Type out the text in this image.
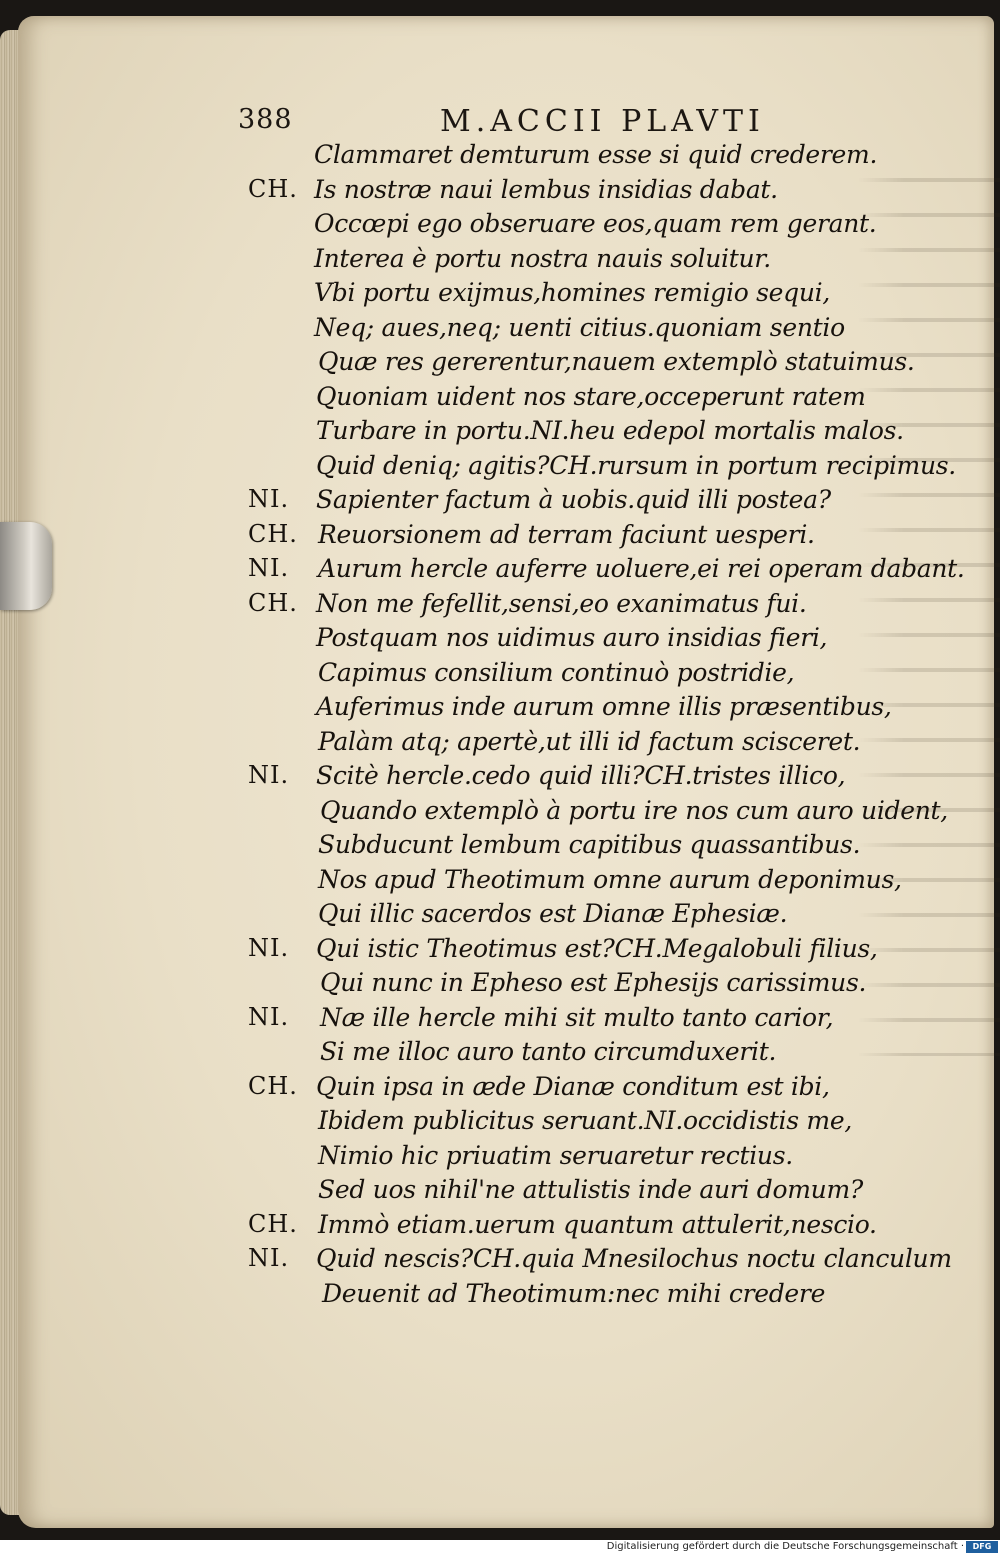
388	M.ACCII PLAVTI
Clammaret demturum esse si quid crederem.
CH. Is nostræ naui lembus insidias dabat.
Occœpi ego obseruare eos,quam rem gerant.
Interea è portu nostra nauis soluitur.
Vbi portu exijmus,homines remigio sequi,
Neq; aues,neq; uenti citius.quoniam sentio
Quæ res gererentur,nauem extemplò statuimus.
Quoniam uident nos stare,occeperunt ratem
Turbare in portu.NI.heu edepol mortalis malos.
Quid deniq; agitis?CH.rursum in portum recipimus.
NI. Sapienter factum à uobis.quid illi postea?
CH. Reuorsionem ad terram faciunt uesperi.
NI. Aurum hercle auferre uoluere,ei rei operam dabant.
CH. Non me fefellit,sensi,eo exanimatus fui.
Postquam nos uidimus auro insidias fieri,
Capimus consilium continuò postridie,
Auferimus inde aurum omne illis præsentibus,
Palàm atq; apertè,ut illi id factum scisceret.
NI. Scitè hercle.cedo quid illi?CH.tristes illico,
Quando extemplò à portu ire nos cum auro uident,
Subducunt lembum capitibus quassantibus.
Nos apud Theotimum omne aurum deponimus,
Qui illic sacerdos est Dianæ Ephesiæ.
NI. Qui istic Theotimus est?CH.Megalobuli filius,
Qui nunc in Epheso est Ephesijs carissimus.
NI. Næ ille hercle mihi sit multo tanto carior,
Si me illoc auro tanto circumduxerit.
CH. Quin ipsa in æde Dianæ conditum est ibi,
Ibidem publicitus seruant.NI.occidistis me,
Nimio hic priuatim seruaretur rectius.
Sed uos nihil'ne attulistis inde auri domum?
CH. Immò etiam.uerum quantum attulerit,nescio.
NI. Quid nescis?CH.quia Mnesilochus noctu clanculum
Deuenit ad Theotimum:nec mihi credere
Digitalisierung gefördert durch die Deutsche Forschungsgemeinschaft ·	DFG
